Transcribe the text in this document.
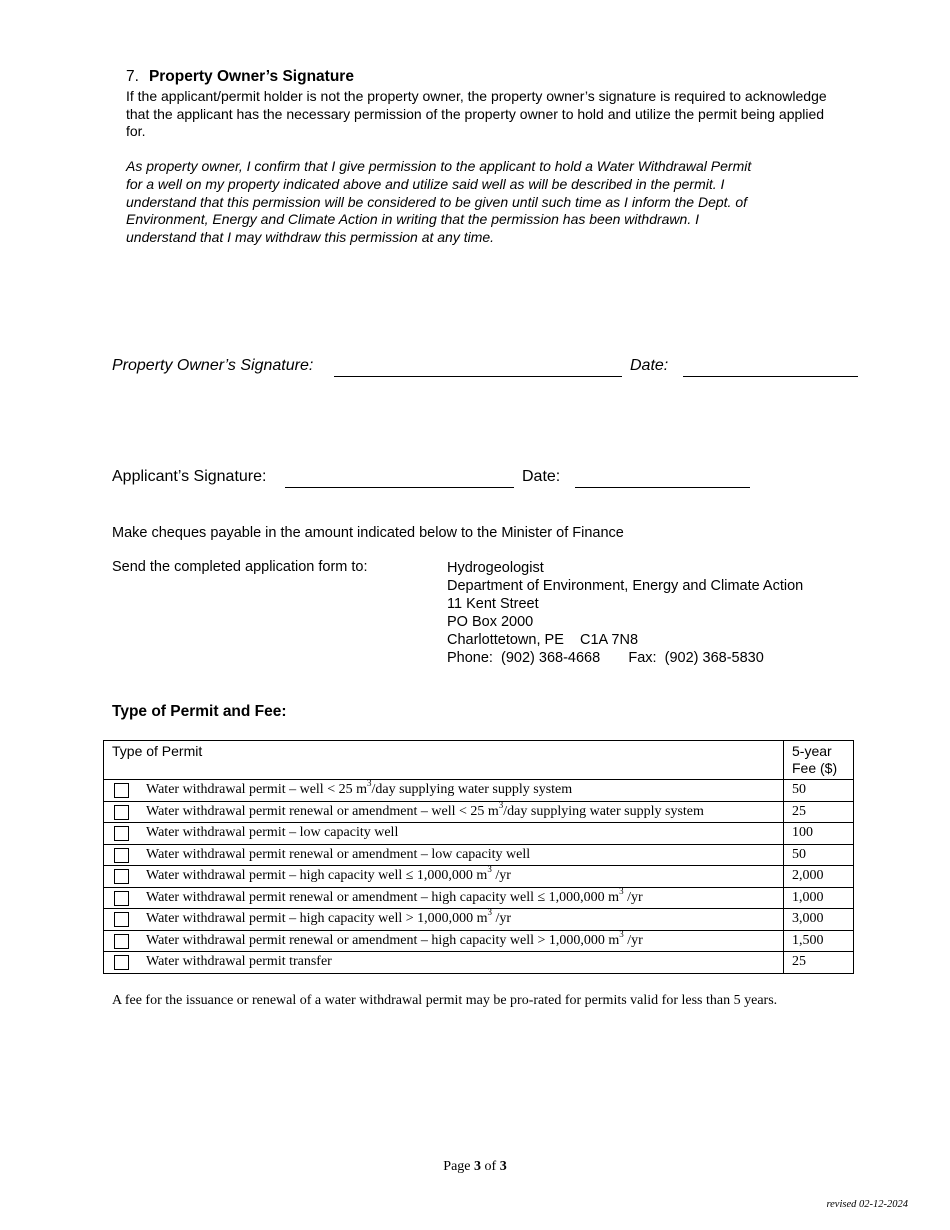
7. Property Owner’s Signature
If the applicant/permit holder is not the property owner, the property owner’s signature is required to acknowledge that the applicant has the necessary permission of the property owner to hold and utilize the permit being applied for.
As property owner, I confirm that I give permission to the applicant to hold a Water Withdrawal Permit
for a well on my property indicated above and utilize said well as will be described in the permit. I
understand that this permission will be considered to be given until such time as I inform the Dept. of
Environment, Energy and Climate Action in writing that the permission has been withdrawn. I
understand that I may withdraw this permission at any time.
Property Owner’s Signature:	Date:
Applicant’s Signature:	Date:
Make cheques payable in the amount indicated below to the Minister of Finance
Send the completed application form to:	Hydrogeologist
Department of Environment, Energy and Climate Action
11 Kent Street
PO Box 2000
Charlottetown, PE    C1A 7N8
Phone:  (902) 368-4668       Fax:  (902) 368-5830
Type of Permit and Fee:
Type of Permit	5-year
Fee ($)

Water withdrawal permit – well < 25 $m^3$/day supplying water supply system	50

Water withdrawal permit renewal or amendment – well < 25 $m^3$/day supplying water supply system	25

Water withdrawal permit – low capacity well	100

Water withdrawal permit renewal or amendment – low capacity well	50

Water withdrawal permit – high capacity well ≤ 1,000,000 $m^3$ /yr	2,000

Water withdrawal permit renewal or amendment – high capacity well ≤ 1,000,000 $m^3$ /yr	1,000

Water withdrawal permit – high capacity well > 1,000,000 $m^3$ /yr	3,000

Water withdrawal permit renewal or amendment – high capacity well > 1,000,000 $m^3$ /yr	1,500

Water withdrawal permit transfer	25
A fee for the issuance or renewal of a water withdrawal permit may be pro-rated for permits valid for less than 5 years.
Page 3 of 3
revised 02-12-2024
